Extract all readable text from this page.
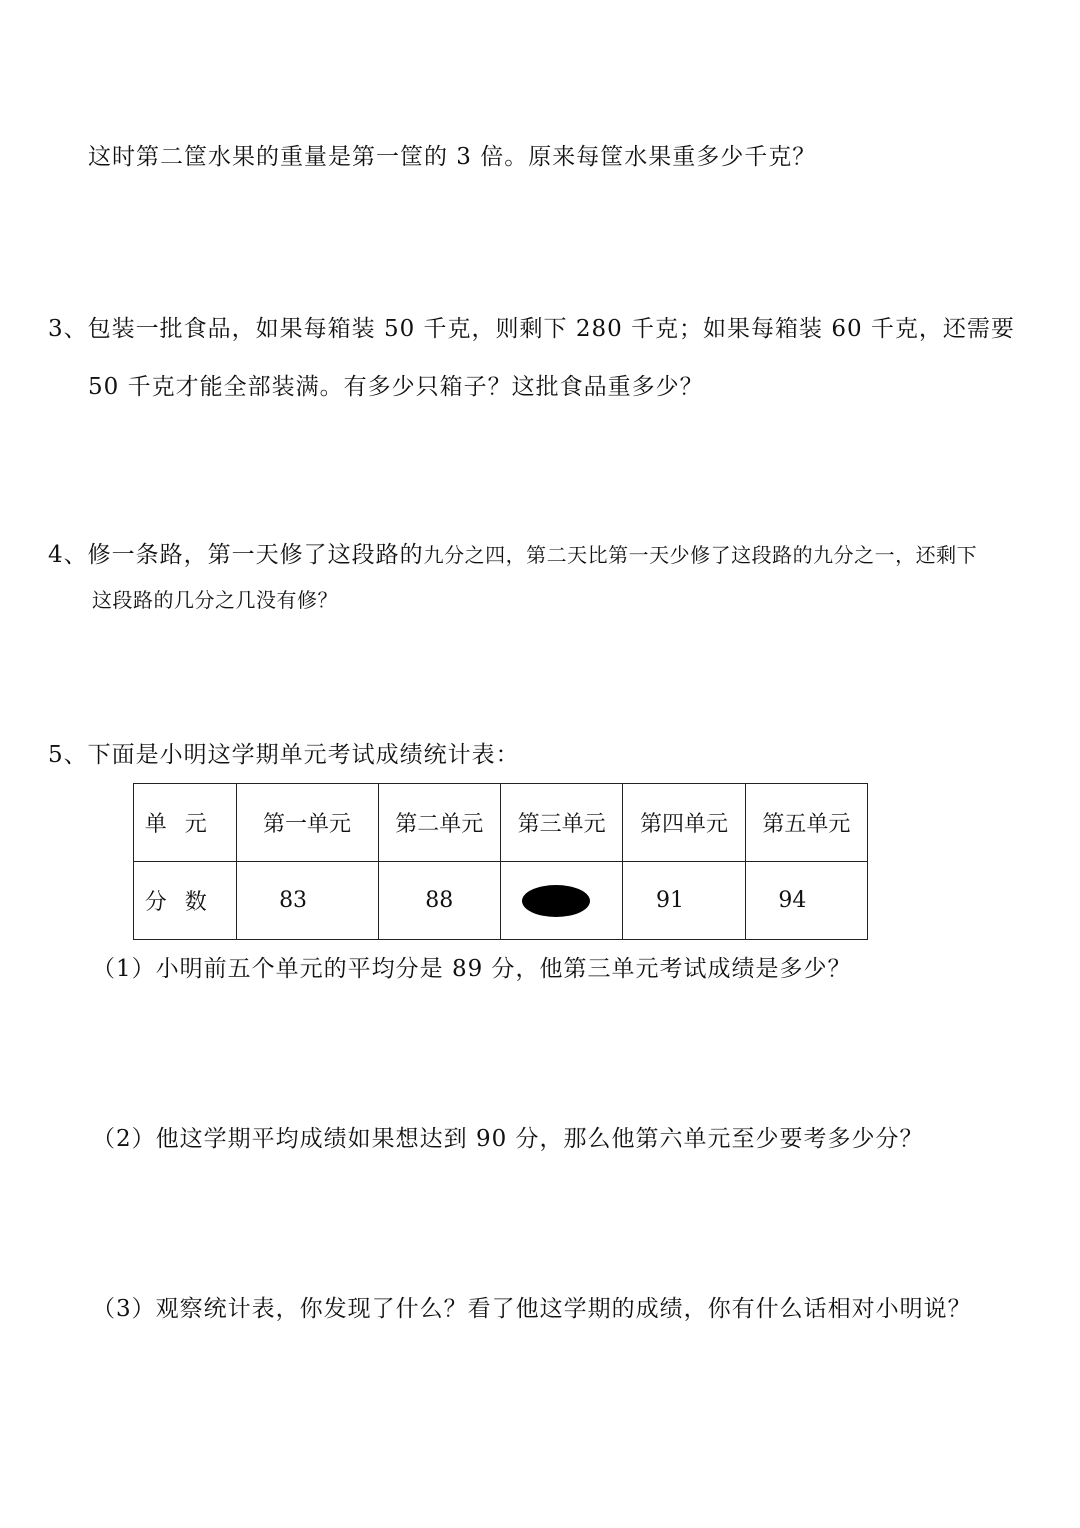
这时第二筐水果的重量是第一筐的 3 倍。原来每筐水果重多少千克？
3、包装一批食品，如果每箱装 50 千克，则剩下 280 千克；如果每箱装 60 千克，还需要
50 千克才能全部装满。有多少只箱子？这批食品重多少？
4、修一条路，第一天修了这段路的九分之四，第二天比第一天少修了这段路的九分之一，还剩下
这段路的几分之几没有修？
5、下面是小明这学期单元考试成绩统计表：
单元	第一单元	第二单元	第三单元	第四单元	第五单元
分数	83	88		91	94
（1）小明前五个单元的平均分是 89 分，他第三单元考试成绩是多少？
（2）他这学期平均成绩如果想达到 90 分，那么他第六单元至少要考多少分？
（3）观察统计表，你发现了什么？看了他这学期的成绩，你有什么话相对小明说？
